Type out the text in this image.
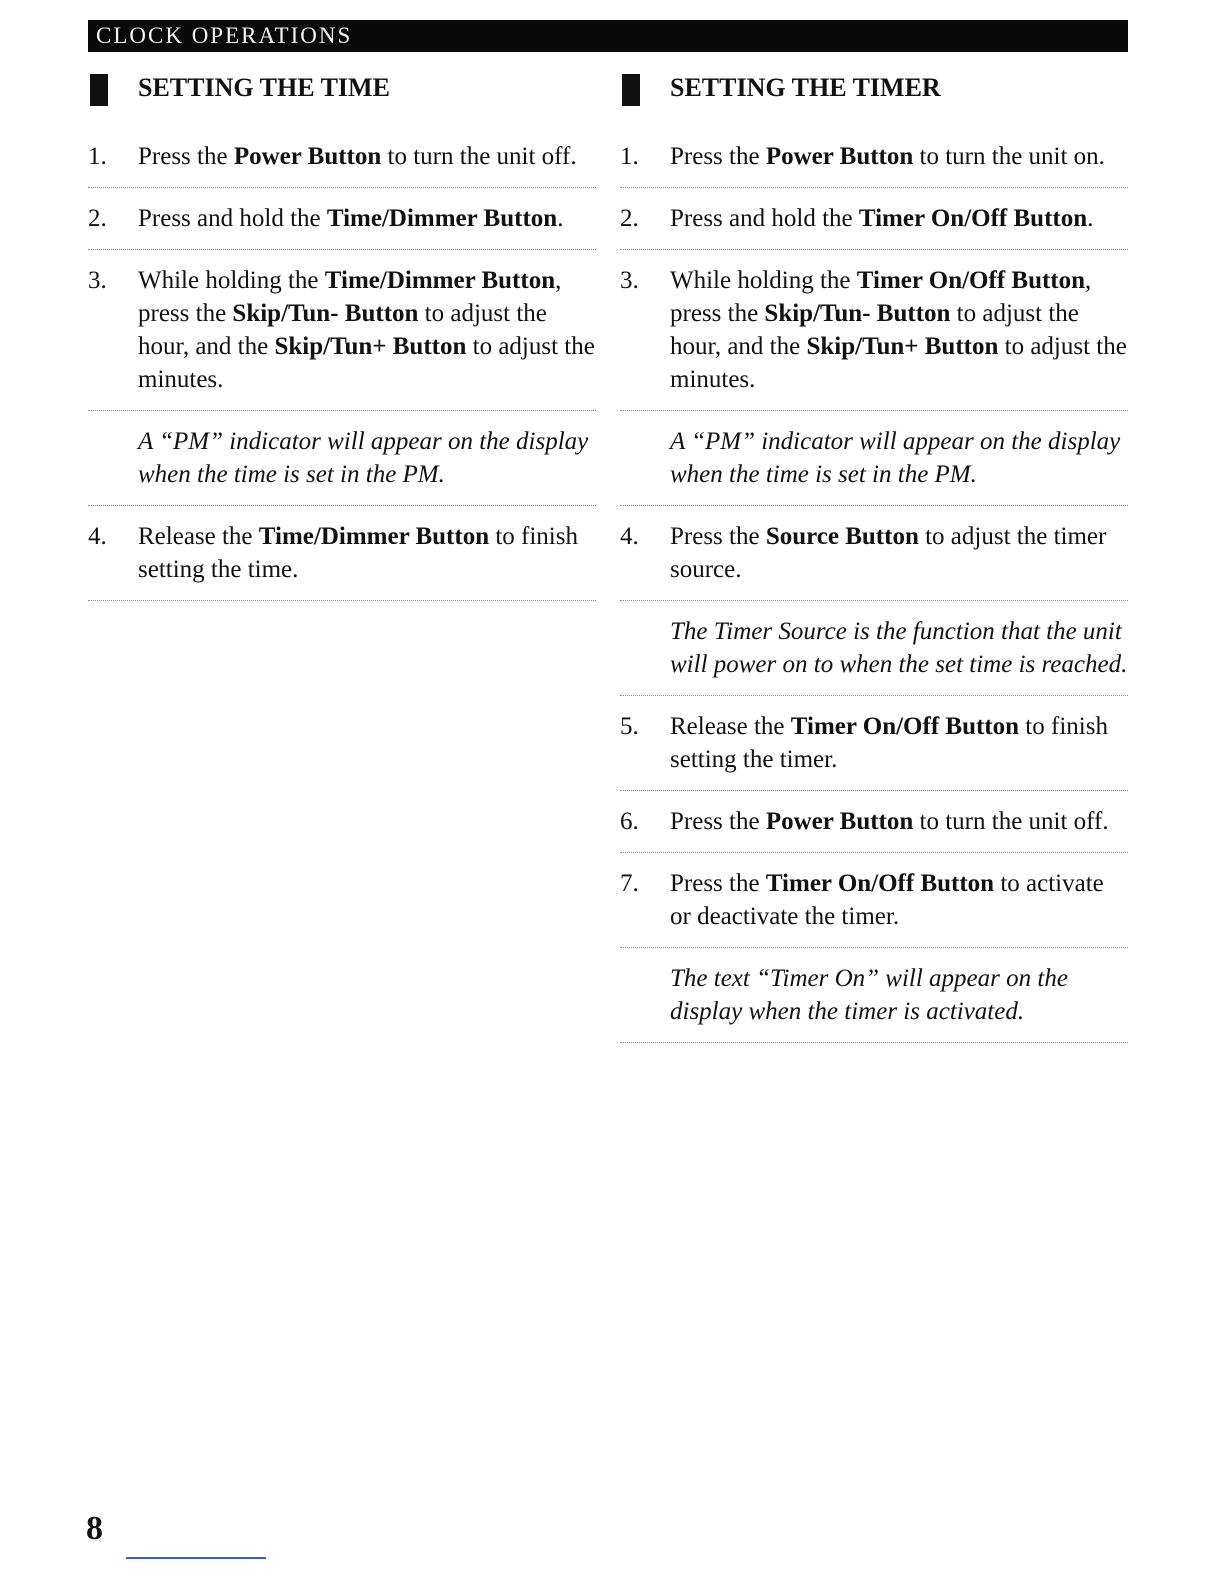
CLOCK OPERATIONS
SETTING THE TIME
1. Press the Power Button to turn the unit off.
2. Press and hold the Time/Dimmer Button.
3. While holding the Time/Dimmer Button, press the Skip/Tun- Button to adjust the hour, and the Skip/Tun+ Button to adjust the minutes.
A “PM” indicator will appear on the display when the time is set in the PM.
4. Release the Time/Dimmer Button to finish setting the time.
SETTING THE TIMER
1. Press the Power Button to turn the unit on.
2. Press and hold the Timer On/Off Button.
3. While holding the Timer On/Off Button, press the Skip/Tun- Button to adjust the hour, and the Skip/Tun+ Button to adjust the minutes.
A “PM” indicator will appear on the display when the time is set in the PM.
4. Press the Source Button to adjust the timer source.
The Timer Source is the function that the unit will power on to when the set time is reached.
5. Release the Timer On/Off Button to finish setting the timer.
6. Press the Power Button to turn the unit off.
7. Press the Timer On/Off Button to activate or deactivate the timer.
The text “Timer On” will appear on the display when the timer is activated.
8
